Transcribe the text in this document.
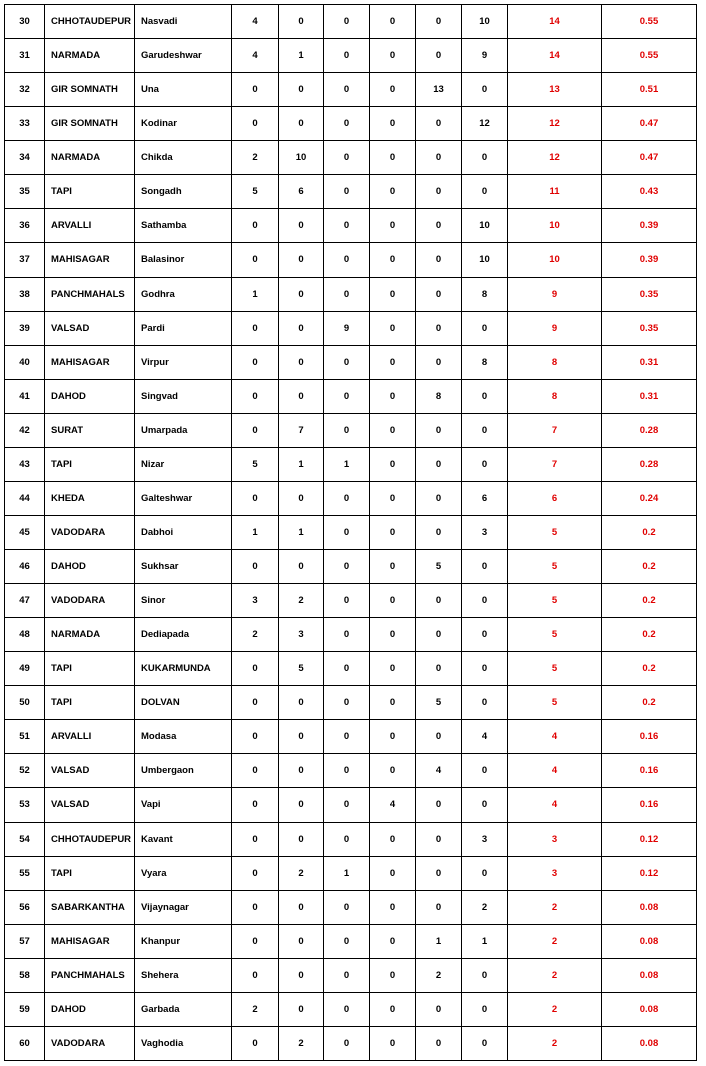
30	CHHOTAUDEPUR	Nasvadi	4	0	0	0	0	10	14	0.55
31	NARMADA	Garudeshwar	4	1	0	0	0	9	14	0.55
32	GIR SOMNATH	Una	0	0	0	0	13	0	13	0.51
33	GIR SOMNATH	Kodinar	0	0	0	0	0	12	12	0.47
34	NARMADA	Chikda	2	10	0	0	0	0	12	0.47
35	TAPI	Songadh	5	6	0	0	0	0	11	0.43
36	ARVALLI	Sathamba	0	0	0	0	0	10	10	0.39
37	MAHISAGAR	Balasinor	0	0	0	0	0	10	10	0.39
38	PANCHMAHALS	Godhra	1	0	0	0	0	8	9	0.35
39	VALSAD	Pardi	0	0	9	0	0	0	9	0.35
40	MAHISAGAR	Virpur	0	0	0	0	0	8	8	0.31
41	DAHOD	Singvad	0	0	0	0	8	0	8	0.31
42	SURAT	Umarpada	0	7	0	0	0	0	7	0.28
43	TAPI	Nizar	5	1	1	0	0	0	7	0.28
44	KHEDA	Galteshwar	0	0	0	0	0	6	6	0.24
45	VADODARA	Dabhoi	1	1	0	0	0	3	5	0.2
46	DAHOD	Sukhsar	0	0	0	0	5	0	5	0.2
47	VADODARA	Sinor	3	2	0	0	0	0	5	0.2
48	NARMADA	Dediapada	2	3	0	0	0	0	5	0.2
49	TAPI	KUKARMUNDA	0	5	0	0	0	0	5	0.2
50	TAPI	DOLVAN	0	0	0	0	5	0	5	0.2
51	ARVALLI	Modasa	0	0	0	0	0	4	4	0.16
52	VALSAD	Umbergaon	0	0	0	0	4	0	4	0.16
53	VALSAD	Vapi	0	0	0	4	0	0	4	0.16
54	CHHOTAUDEPUR	Kavant	0	0	0	0	0	3	3	0.12
55	TAPI	Vyara	0	2	1	0	0	0	3	0.12
56	SABARKANTHA	Vijaynagar	0	0	0	0	0	2	2	0.08
57	MAHISAGAR	Khanpur	0	0	0	0	1	1	2	0.08
58	PANCHMAHALS	Shehera	0	0	0	0	2	0	2	0.08
59	DAHOD	Garbada	2	0	0	0	0	0	2	0.08
60	VADODARA	Vaghodia	0	2	0	0	0	0	2	0.08
